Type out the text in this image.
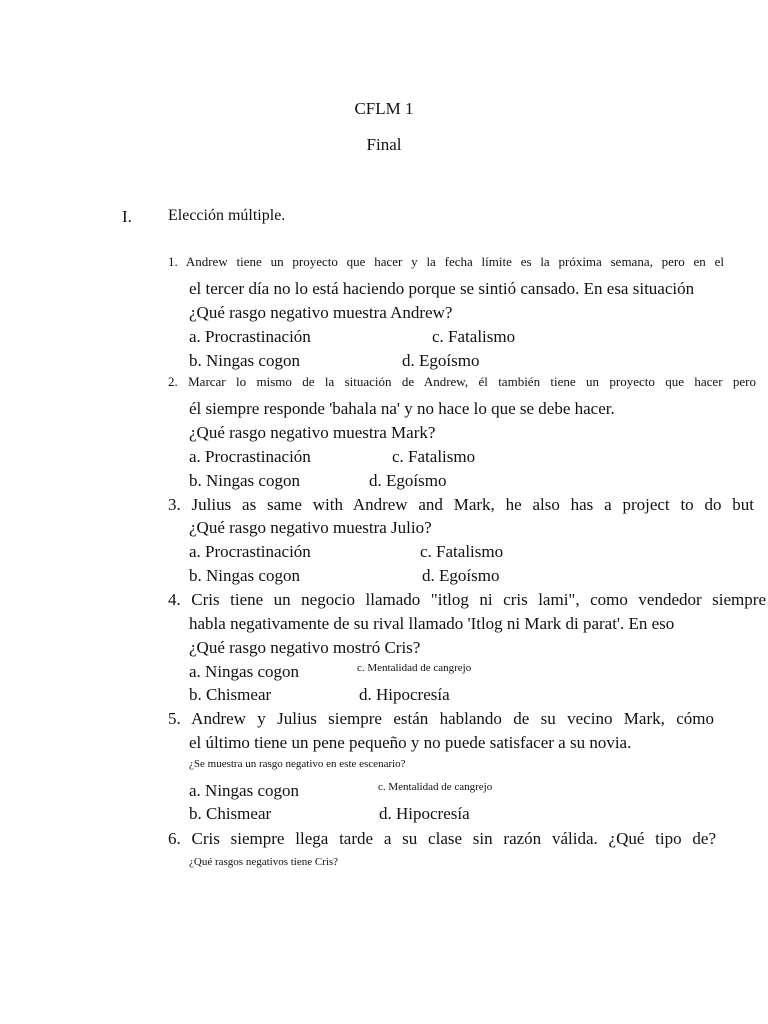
CFLM 1
Final
I. Elección múltiple.
1. Andrew tiene un proyecto que hacer y la fecha límite es la próxima semana, pero en el
el tercer día no lo está haciendo porque se sintió cansado. En esa situación
¿Qué rasgo negativo muestra Andrew?
a. Procrastinación	c. Fatalismo
b. Ningas cogon	d. Egoísmo
2. Marcar lo mismo de la situación de Andrew, él también tiene un proyecto que hacer pero
él siempre responde 'bahala na' y no hace lo que se debe hacer.
¿Qué rasgo negativo muestra Mark?
a. Procrastinación	c. Fatalismo
b. Ningas cogon	d. Egoísmo
3. Julius as same with Andrew and Mark, he also has a project to do but
¿Qué rasgo negativo muestra Julio?
a. Procrastinación	c. Fatalismo
b. Ningas cogon	d. Egoísmo
4. Cris tiene un negocio llamado "itlog ni cris lami", como vendedor siempre
habla negativamente de su rival llamado 'Itlog ni Mark di parat'. En eso
¿Qué rasgo negativo mostró Cris?
a. Ningas cogon	c. Mentalidad de cangrejo
b. Chismear	d. Hipocresía
5. Andrew y Julius siempre están hablando de su vecino Mark, cómo
el último tiene un pene pequeño y no puede satisfacer a su novia.
¿Se muestra un rasgo negativo en este escenario?
a. Ningas cogon	c. Mentalidad de cangrejo
b. Chismear	d. Hipocresía
6. Cris siempre llega tarde a su clase sin razón válida. ¿Qué tipo de?
¿Qué rasgos negativos tiene Cris?
